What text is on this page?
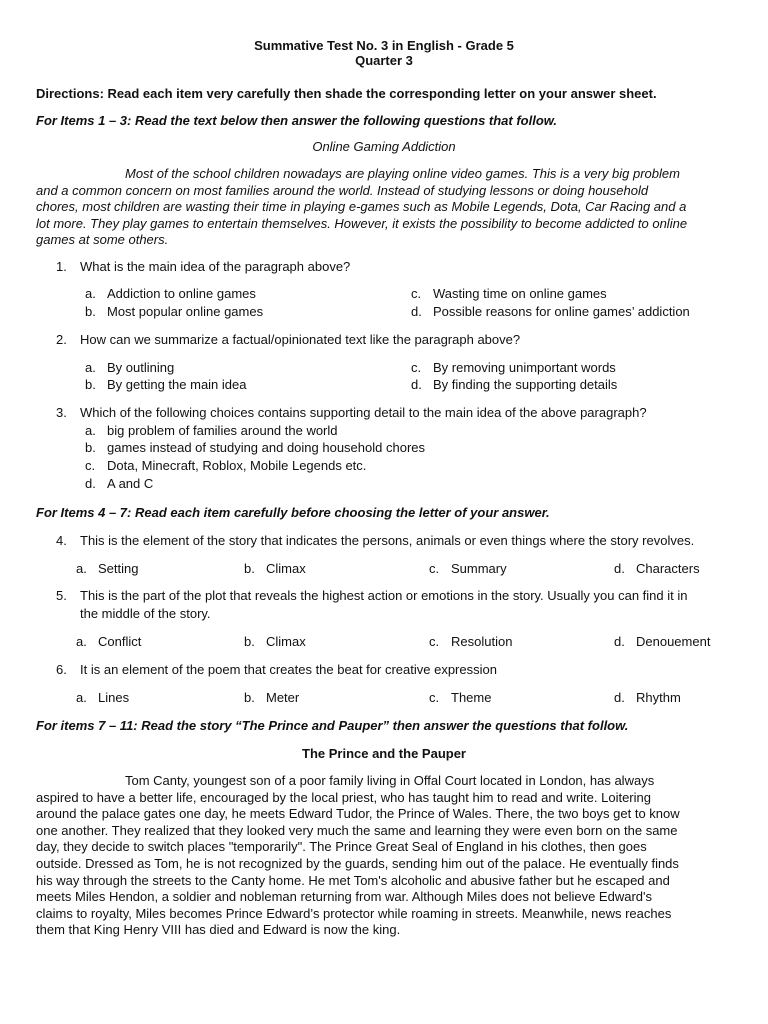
Summative Test No. 3 in English - Grade 5
Quarter 3
Directions: Read each item very carefully then shade the corresponding letter on your answer sheet.
For Items 1 – 3: Read the text below then answer the following questions that follow.
Online Gaming Addiction
Most of the school children nowadays are playing online video games. This is a very big problem
and a common concern on most families around the world. Instead of studying lessons or doing household
chores, most children are wasting their time in playing e-games such as Mobile Legends, Dota, Car Racing and a
lot more. They play games to entertain themselves. However, it exists the possibility to become addicted to online
games at some others.
1. What is the main idea of the paragraph above?
a. Addiction to online games
b. Most popular online games
c. Wasting time on online games
d. Possible reasons for online games’ addiction
2. How can we summarize a factual/opinionated text like the paragraph above?
a. By outlining
b. By getting the main idea
c. By removing unimportant words
d. By finding the supporting details
3. Which of the following choices contains supporting detail to the main idea of the above paragraph?
a. big problem of families around the world
b. games instead of studying and doing household chores
c. Dota, Minecraft, Roblox, Mobile Legends etc.
d. A and C
For Items 4 – 7: Read each item carefully before choosing the letter of your answer.
4. This is the element of the story that indicates the persons, animals or even things where the story revolves.
a. Setting	b. Climax	c. Summary	d. Characters
5. This is the part of the plot that reveals the highest action or emotions in the story. Usually you can find it in
the middle of the story.
a. Conflict	b. Climax	c. Resolution	d. Denouement
6. It is an element of the poem that creates the beat for creative expression
a. Lines	b. Meter	c. Theme	d. Rhythm
For items 7 – 11: Read the story “The Prince and Pauper” then answer the questions that follow.
The Prince and the Pauper
Tom Canty, youngest son of a poor family living in Offal Court located in London, has always
aspired to have a better life, encouraged by the local priest, who has taught him to read and write. Loitering
around the palace gates one day, he meets Edward Tudor, the Prince of Wales. There, the two boys get to know
one another. They realized that they looked very much the same and learning they were even born on the same
day, they decide to switch places "temporarily". The Prince Great Seal of England in his clothes, then goes
outside. Dressed as Tom, he is not recognized by the guards, sending him out of the palace. He eventually finds
his way through the streets to the Canty home. He met Tom's alcoholic and abusive father but he escaped and
meets Miles Hendon, a soldier and nobleman returning from war. Although Miles does not believe Edward's
claims to royalty, Miles becomes Prince Edward’s protector while roaming in streets. Meanwhile, news reaches
them that King Henry VIII has died and Edward is now the king.
